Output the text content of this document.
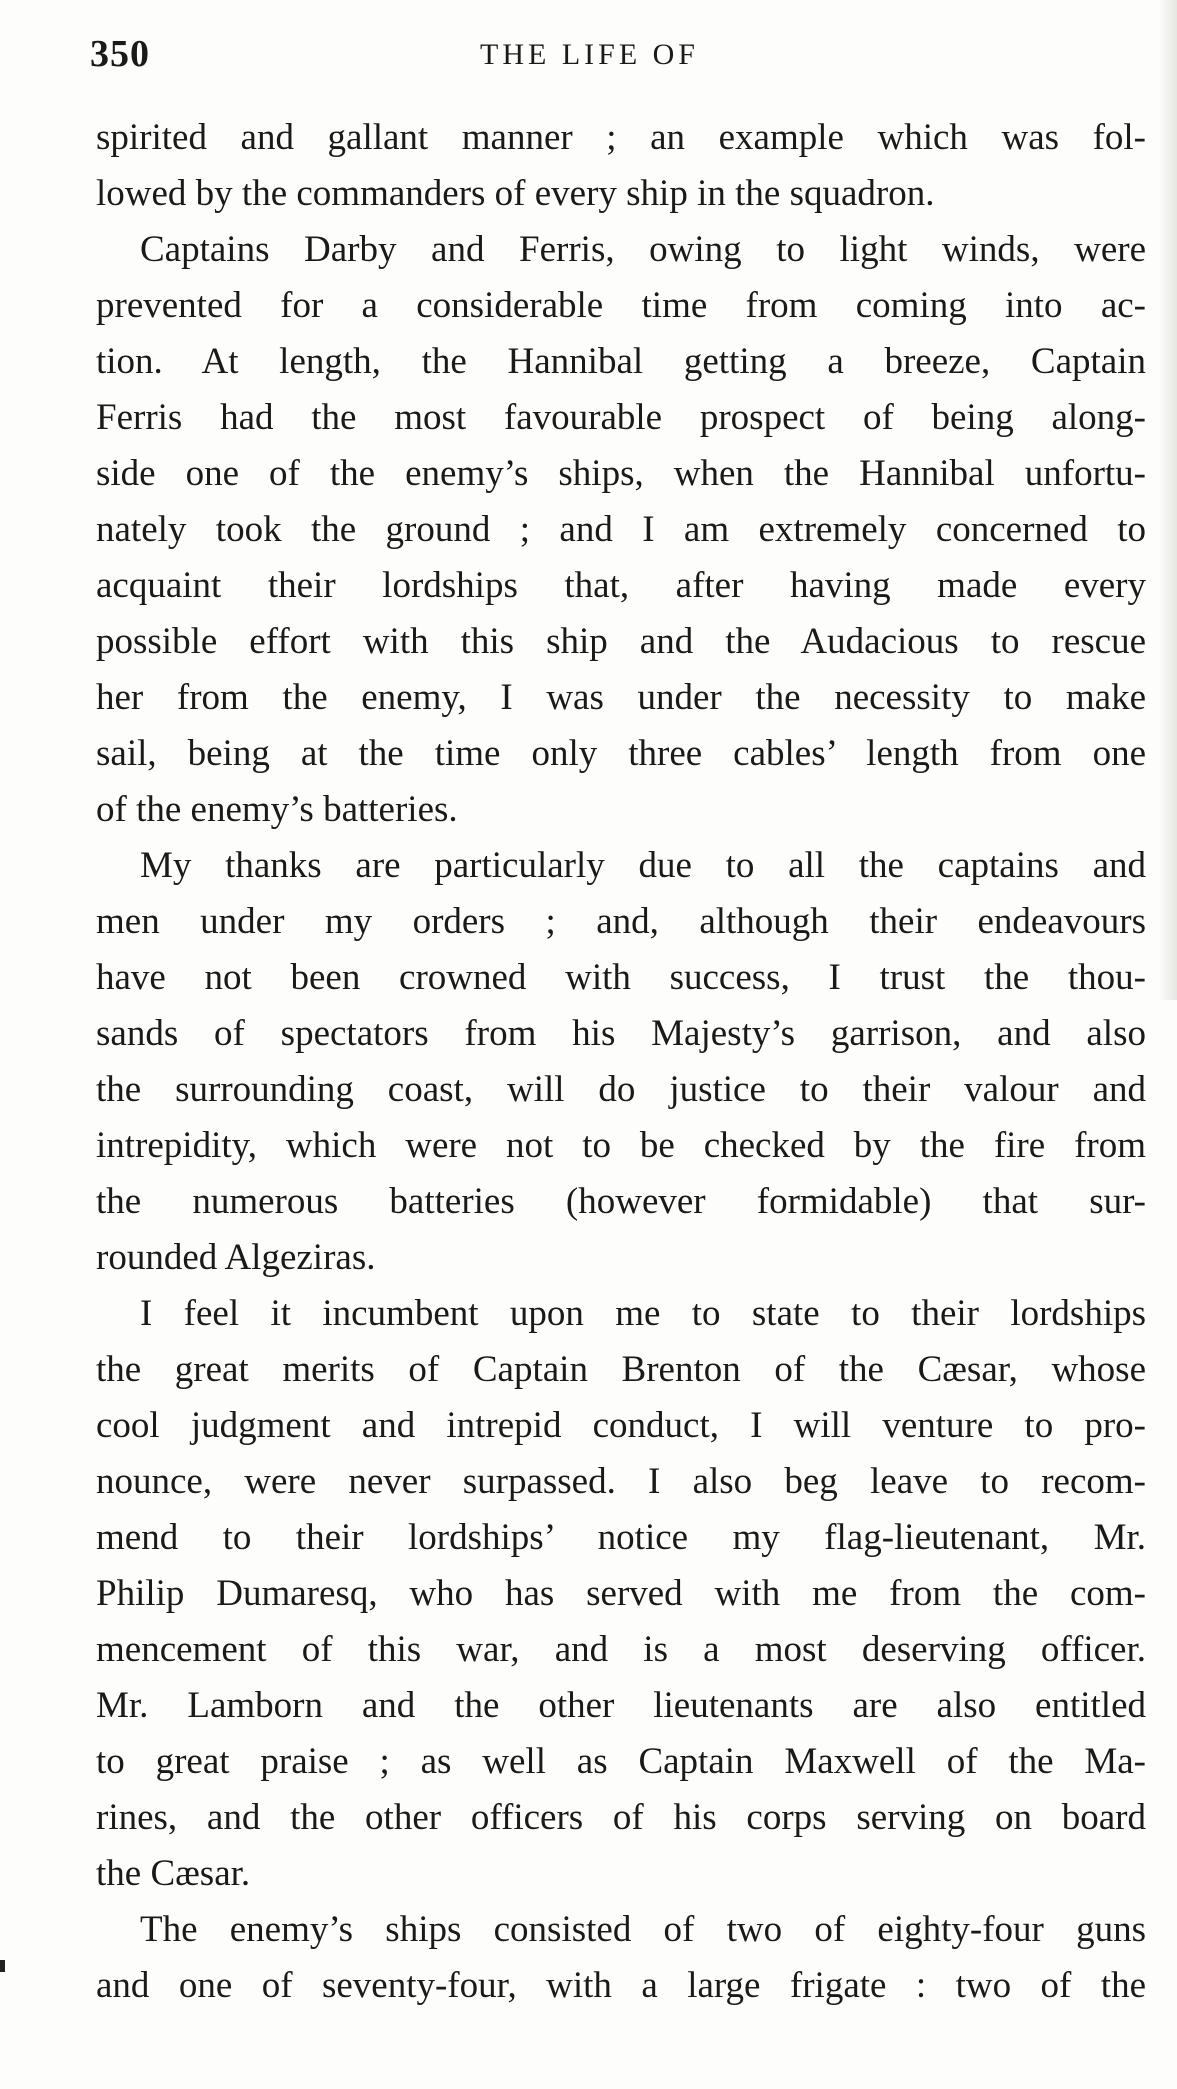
350	THE LIFE OF
spirited and gallant manner ; an example which was fol-
lowed by the commanders of every ship in the squadron.
Captains Darby and Ferris, owing to light winds, were
prevented for a considerable time from coming into ac-
tion. At length, the Hannibal getting a breeze, Captain
Ferris had the most favourable prospect of being along-
side one of the enemy’s ships, when the Hannibal unfortu-
nately took the ground ; and I am extremely concerned to
acquaint their lordships that, after having made every
possible effort with this ship and the Audacious to rescue
her from the enemy, I was under the necessity to make
sail, being at the time only three cables’ length from one
of the enemy’s batteries.
My thanks are particularly due to all the captains and
men under my orders ; and, although their endeavours
have not been crowned with success, I trust the thou-
sands of spectators from his Majesty’s garrison, and also
the surrounding coast, will do justice to their valour and
intrepidity, which were not to be checked by the fire from
the numerous batteries (however formidable) that sur-
rounded Algeziras.
I feel it incumbent upon me to state to their lordships
the great merits of Captain Brenton of the Cæsar, whose
cool judgment and intrepid conduct, I will venture to pro-
nounce, were never surpassed. I also beg leave to recom-
mend to their lordships’ notice my flag-lieutenant, Mr.
Philip Dumaresq, who has served with me from the com-
mencement of this war, and is a most deserving officer.
Mr. Lamborn and the other lieutenants are also entitled
to great praise ; as well as Captain Maxwell of the Ma-
rines, and the other officers of his corps serving on board
the Cæsar.
The enemy’s ships consisted of two of eighty-four guns
and one of seventy-four, with a large frigate : two of the
